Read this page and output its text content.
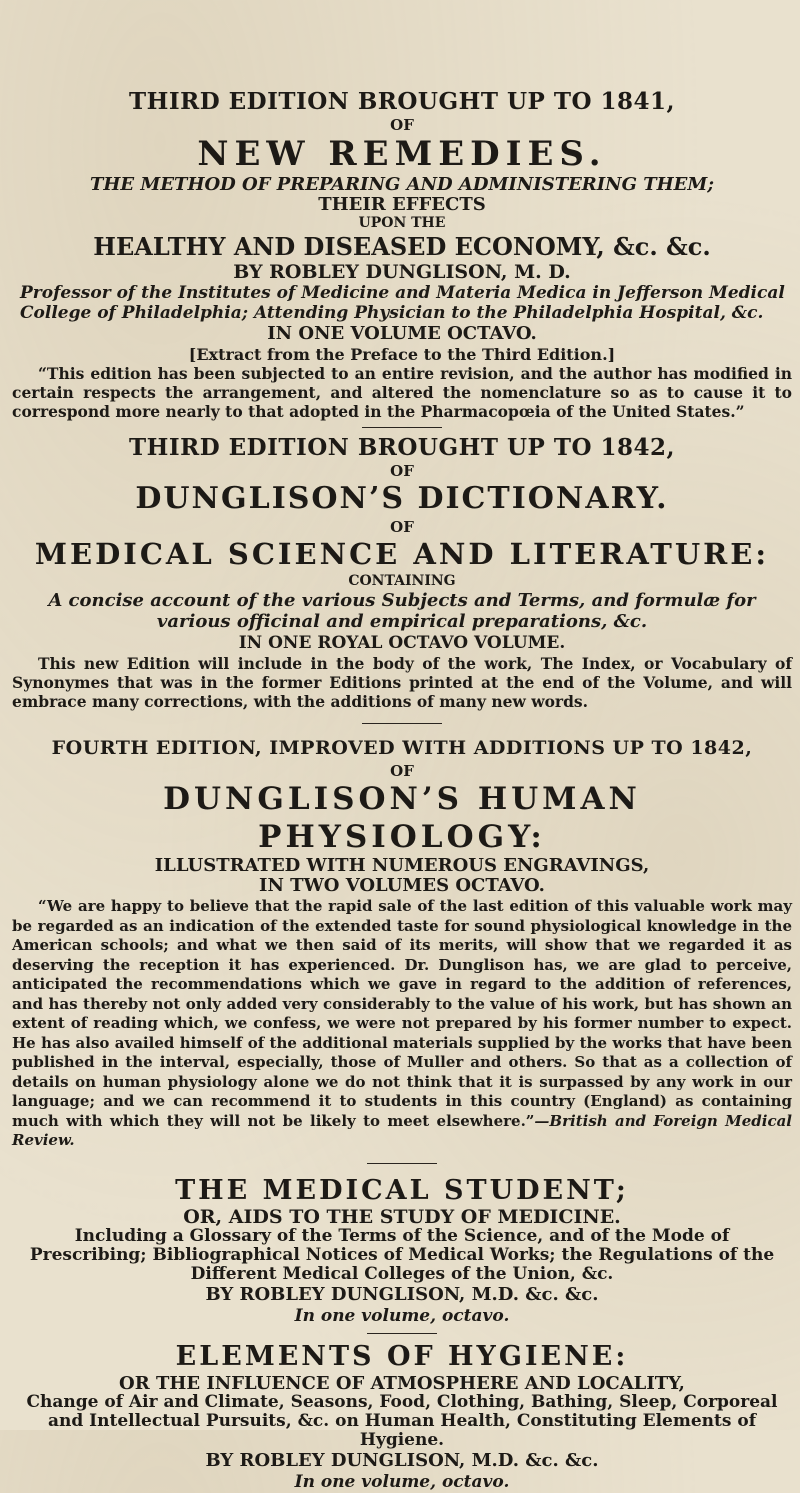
THIRD EDITION BROUGHT UP TO 1841,

OF

NEW REMEDIES.

THE METHOD OF PREPARING AND ADMINISTERING THEM;

THEIR EFFECTS

UPON THE

HEALTHY AND DISEASED ECONOMY, &c. &c.

BY ROBLEY DUNGLISON, M. D.

Professor of the Institutes of Medicine and Materia Medica in Jefferson Medical College of Philadelphia; Attending Physician to the Philadelphia Hospital, &c.

IN ONE VOLUME OCTAVO.

[Extract from the Preface to the Third Edition.]

“This edition has been subjected to an entire revision, and the author has modified in certain respects the arrangement, and altered the nomenclature so as to cause it to correspond more nearly to that adopted in the Pharmacopœia of the United States.”

THIRD EDITION BROUGHT UP TO 1842,

OF

DUNGLISON’S DICTIONARY.

OF

MEDICAL SCIENCE AND LITERATURE:

CONTAINING

A concise account of the various Subjects and Terms, and formulæ for various officinal and empirical preparations, &c.

IN ONE ROYAL OCTAVO VOLUME.

This new Edition will include in the body of the work, The Index, or Vocabulary of Synonymes that was in the former Editions printed at the end of the Volume, and will embrace many corrections, with the additions of many new words.

FOURTH EDITION, IMPROVED WITH ADDITIONS UP TO 1842,

OF

DUNGLISON’S HUMAN PHYSIOLOGY:

ILLUSTRATED WITH NUMEROUS ENGRAVINGS,

IN TWO VOLUMES OCTAVO.

“We are happy to believe that the rapid sale of the last edition of this valuable work may be regarded as an indication of the extended taste for sound physiological knowledge in the American schools; and what we then said of its merits, will show that we regarded it as deserving the reception it has experienced. Dr. Dunglison has, we are glad to perceive, anticipated the recommendations which we gave in regard to the addition of references, and has thereby not only added very considerably to the value of his work, but has shown an extent of reading which, we confess, we were not prepared by his former number to expect. He has also availed himself of the additional materials supplied by the works that have been published in the interval, especially, those of Muller and others. So that as a collection of details on human physiology alone we do not think that it is surpassed by any work in our language; and we can recommend it to students in this country (England) as containing much with which they will not be likely to meet elsewhere.”—British and Foreign Medical Review.

THE MEDICAL STUDENT;

OR, AIDS TO THE STUDY OF MEDICINE.

Including a Glossary of the Terms of the Science, and of the Mode of Prescribing; Bibliographical Notices of Medical Works; the Regulations of the Different Medical Colleges of the Union, &c.

BY ROBLEY DUNGLISON, M.D. &c. &c.

In one volume, octavo.

ELEMENTS OF HYGIENE:

OR THE INFLUENCE OF ATMOSPHERE AND LOCALITY,

Change of Air and Climate, Seasons, Food, Clothing, Bathing, Sleep, Corporeal and Intellectual Pursuits, &c. on Human Health, Constituting Elements of Hygiene.

BY ROBLEY DUNGLISON, M.D. &c. &c.

In one volume, octavo.
